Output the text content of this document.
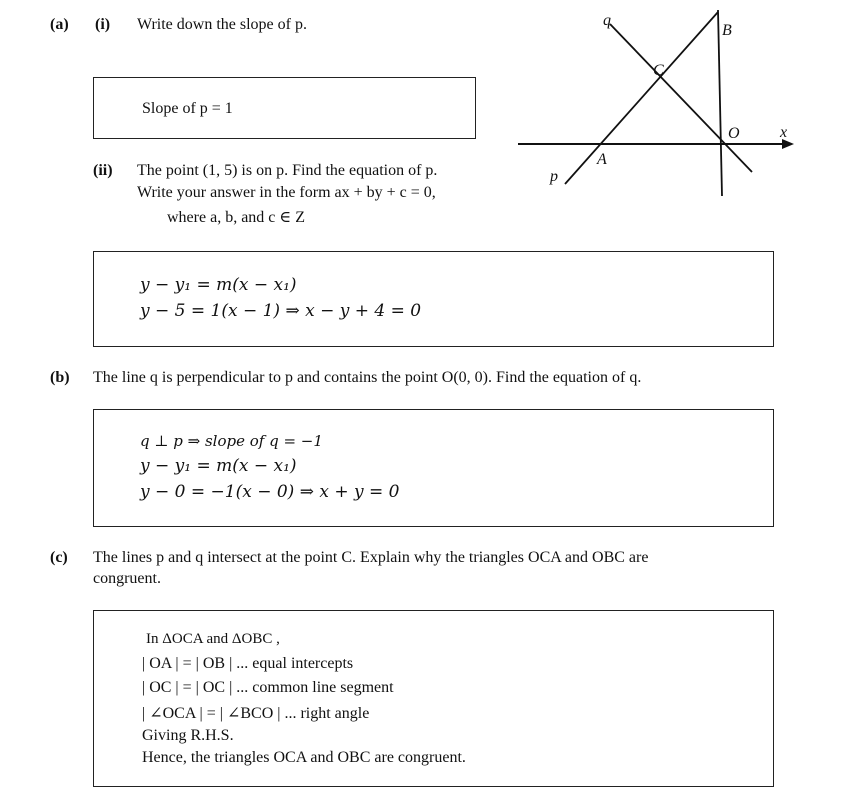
(a) (i) Write down the slope of p.
Slope of p = 1
(ii) The point (1, 5) is on p. Find the equation of p.
Write your answer in the form ax + by + c = 0,
where a, b, and c ∈ Z
y − y₁ = m(x − x₁)
y − 5 = 1(x − 1) ⇒ x − y + 4 = 0
q
B
C
O	x
A
p
(b) The line q is perpendicular to p and contains the point O(0, 0). Find the equation of q.
q ⊥ p ⇒ slope of q = −1
y − y₁ = m(x − x₁)
y − 0 = −1(x − 0) ⇒ x + y = 0
(c) The lines p and q intersect at the point C. Explain why the triangles OCA and OBC are
congruent.
In ΔOCA and ΔOBC ,
| OA | = | OB | ... equal intercepts
| OC | = | OC | ... common line segment
| ∠OCA | = | ∠BCO | ... right angle
Giving R.H.S.
Hence, the triangles OCA and OBC are congruent.
